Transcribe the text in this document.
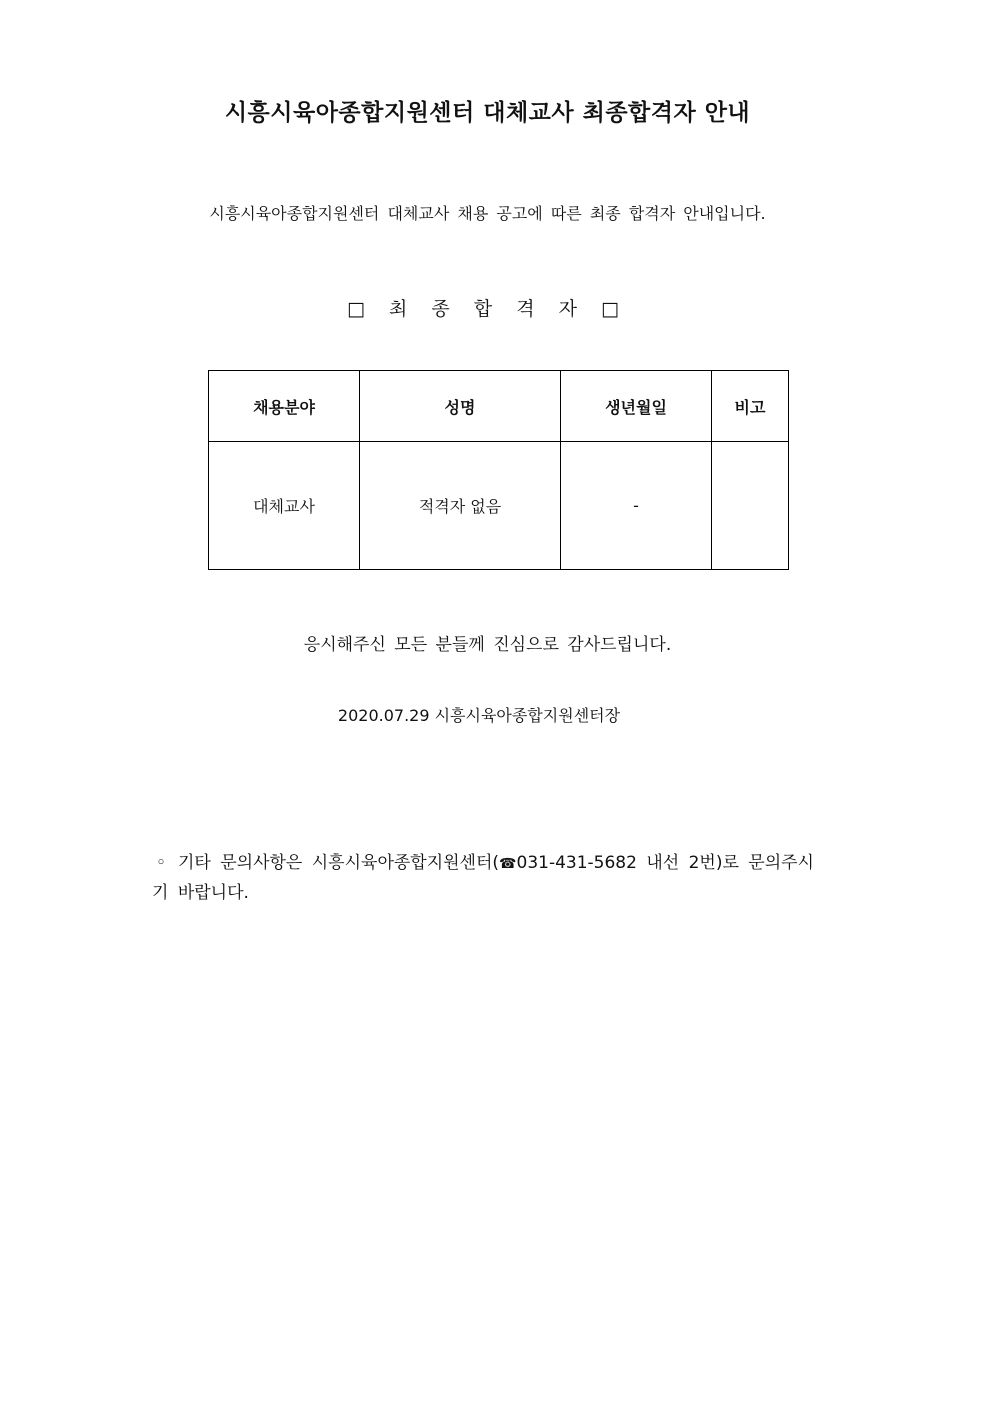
시흥시육아종합지원센터 대체교사 최종합격자 안내
시흥시육아종합지원센터 대체교사 채용 공고에 따른 최종 합격자 안내입니다.
□ 최 종 합 격 자 □
채용분야	성명	생년월일	비고
대체교사	적격자 없음	-	
응시해주신 모든 분들께 진심으로 감사드립니다.
2020.07.29 시흥시육아종합지원센터장
◦ 기타 문의사항은 시흥시육아종합지원센터(☎031-431-5682 내선 2번)로 문의주시
기 바랍니다.
